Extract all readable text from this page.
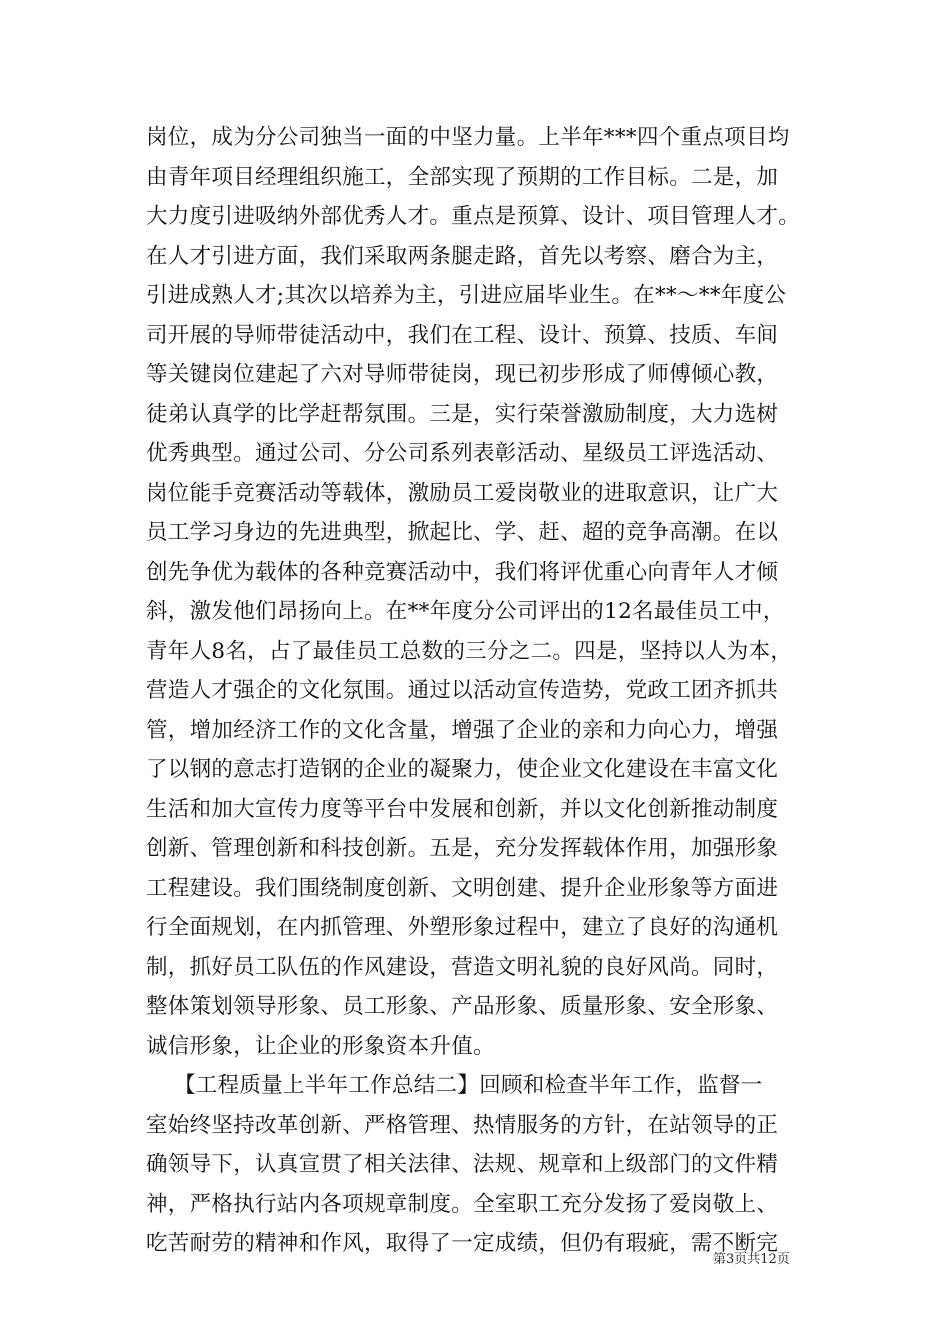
岗位，成为分公司独当一面的中坚力量。上半年***四个重点项目均
由青年项目经理组织施工，全部实现了预期的工作目标。二是，加
大力度引进吸纳外部优秀人才。重点是预算、设计、项目管理人才。
在人才引进方面，我们采取两条腿走路，首先以考察、磨合为主，
引进成熟人才;其次以培养为主，引进应届毕业生。在**～**年度公
司开展的导师带徒活动中，我们在工程、设计、预算、技质、车间
等关键岗位建起了六对导师带徒岗，现已初步形成了师傅倾心教，
徒弟认真学的比学赶帮氛围。三是，实行荣誉激励制度，大力选树
优秀典型。通过公司、分公司系列表彰活动、星级员工评选活动、
岗位能手竞赛活动等载体，激励员工爱岗敬业的进取意识，让广大
员工学习身边的先进典型，掀起比、学、赶、超的竞争高潮。在以
创先争优为载体的各种竞赛活动中，我们将评优重心向青年人才倾
斜，激发他们昂扬向上。在**年度分公司评出的12名最佳员工中，
青年人8名，占了最佳员工总数的三分之二。四是，坚持以人为本，
营造人才强企的文化氛围。通过以活动宣传造势，党政工团齐抓共
管，增加经济工作的文化含量，增强了企业的亲和力向心力，增强
了以钢的意志打造钢的企业的凝聚力，使企业文化建设在丰富文化
生活和加大宣传力度等平台中发展和创新，并以文化创新推动制度
创新、管理创新和科技创新。五是，充分发挥载体作用，加强形象
工程建设。我们围绕制度创新、文明创建、提升企业形象等方面进
行全面规划，在内抓管理、外塑形象过程中，建立了良好的沟通机
制，抓好员工队伍的作风建设，营造文明礼貌的良好风尚。同时，
整体策划领导形象、员工形象、产品形象、质量形象、安全形象、
诚信形象，让企业的形象资本升值。
【工程质量上半年工作总结二】回顾和检查半年工作，监督一
室始终坚持改革创新、严格管理、热情服务的方针，在站领导的正
确领导下，认真宣贯了相关法律、法规、规章和上级部门的文件精
神，严格执行站内各项规章制度。全室职工充分发扬了爱岗敬上、
吃苦耐劳的精神和作风，取得了一定成绩，但仍有瑕疵，需不断完
第3页共12页
